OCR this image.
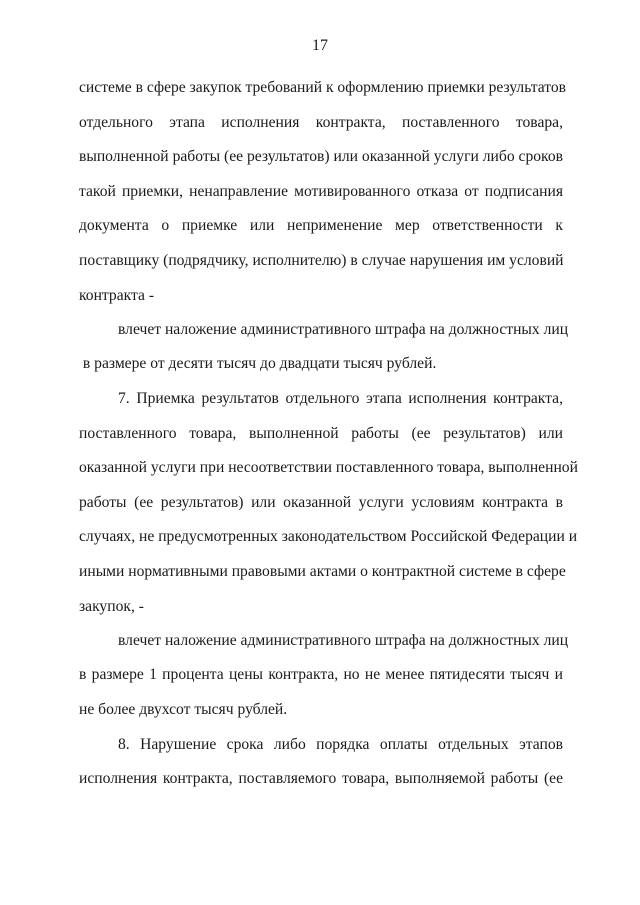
17
системе в сфере закупок требований к оформлению приемки результатов
отдельного этапа исполнения контракта, поставленного товара,
выполненной работы (ее результатов) или оказанной услуги либо сроков
такой приемки, ненаправление мотивированного отказа от подписания
документа о приемке или неприменение мер ответственности к
поставщику (подрядчику, исполнителю) в случае нарушения им условий
контракта -
влечет наложение административного штрафа на должностных лиц
в размере от десяти тысяч до двадцати тысяч рублей.
7. Приемка результатов отдельного этапа исполнения контракта,
поставленного товара, выполненной работы (ее результатов) или
оказанной услуги при несоответствии поставленного товара, выполненной
работы (ее результатов) или оказанной услуги условиям контракта в
случаях, не предусмотренных законодательством Российской Федерации и
иными нормативными правовыми актами о контрактной системе в сфере
закупок, -
влечет наложение административного штрафа на должностных лиц
в размере 1 процента цены контракта, но не менее пятидесяти тысяч и
не более двухсот тысяч рублей.
8. Нарушение срока либо порядка оплаты отдельных этапов
исполнения контракта, поставляемого товара, выполняемой работы (ее
